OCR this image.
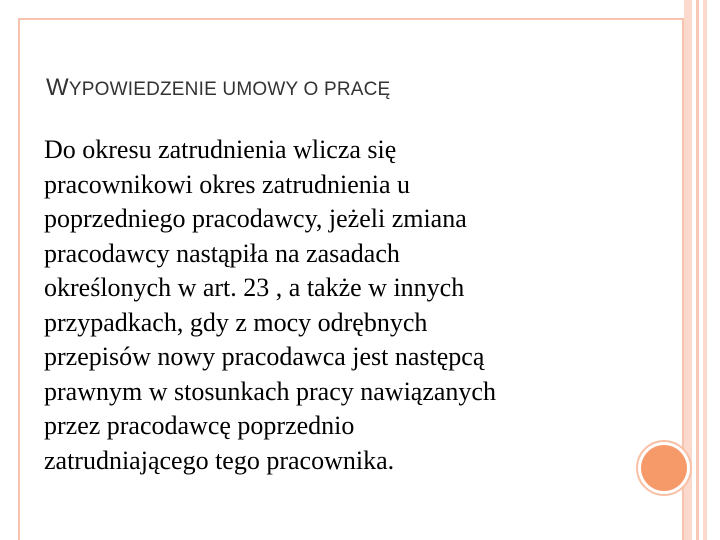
WYPOWIEDZENIE UMOWY O PRACĘ
Do okresu zatrudnienia wlicza się
pracownikowi okres zatrudnienia u
poprzedniego pracodawcy, jeżeli zmiana
pracodawcy nastąpiła na zasadach
określonych w art. 23 , a także w innych
przypadkach, gdy z mocy odrębnych
przepisów nowy pracodawca jest następcą
prawnym w stosunkach pracy nawiązanych
przez pracodawcę poprzednio
zatrudniającego tego pracownika.
